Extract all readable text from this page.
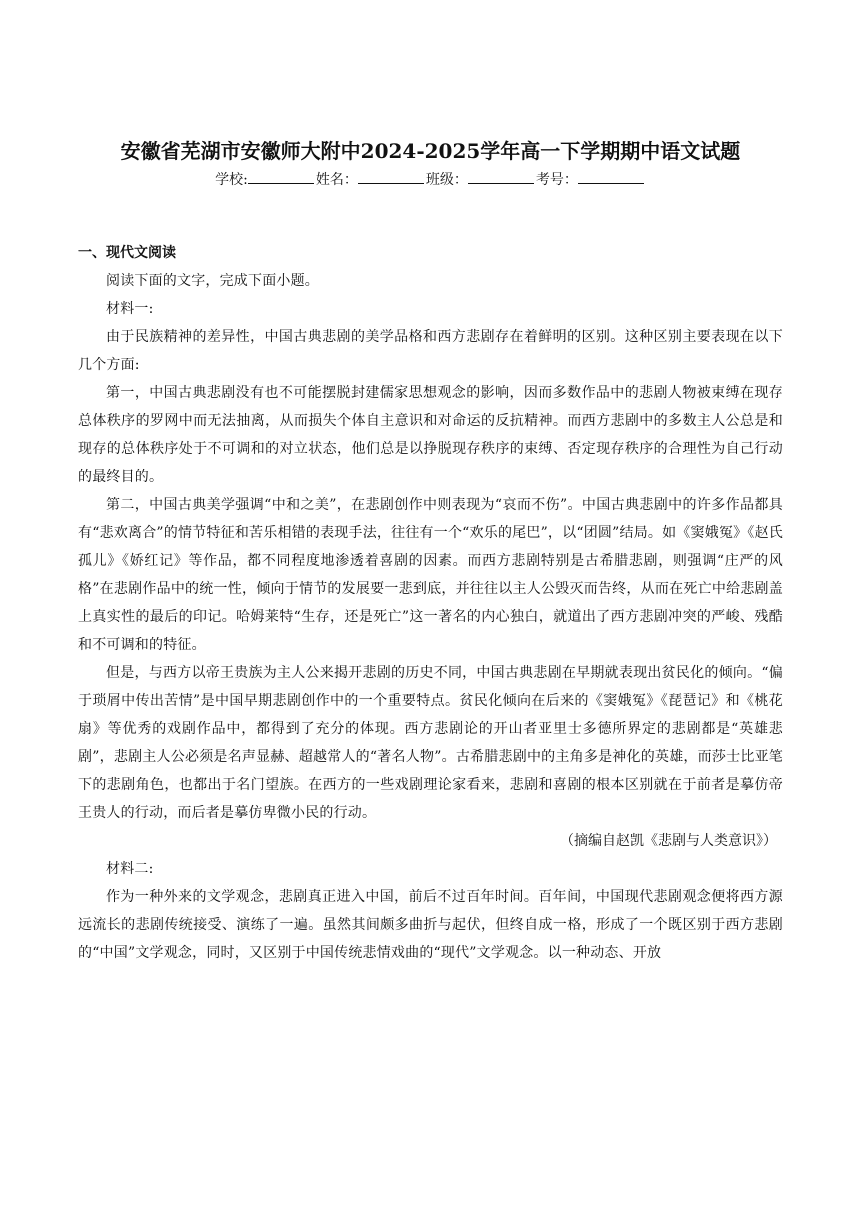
安徽省芜湖市安徽师大附中2024-2025学年高一下学期期中语文试题
学校:	姓名：	班级：	考号：
一、现代文阅读

阅读下面的文字，完成下面小题。

材料一:

由于民族精神的差异性，中国古典悲剧的美学品格和西方悲剧存在着鲜明的区别。这种区别主要表现在以下几个方面:

第一，中国古典悲剧没有也不可能摆脱封建儒家思想观念的影响，因而多数作品中的悲剧人物被束缚在现存总体秩序的罗网中而无法抽离，从而损失个体自主意识和对命运的反抗精神。而西方悲剧中的多数主人公总是和现存的总体秩序处于不可调和的对立状态，他们总是以挣脱现存秩序的束缚、否定现存秩序的合理性为自己行动的最终目的。

第二，中国古典美学强调“中和之美”，在悲剧创作中则表现为“哀而不伤”。中国古典悲剧中的许多作品都具有“悲欢离合”的情节特征和苦乐相错的表现手法，往往有一个“欢乐的尾巴”，以“团圆”结局。如《窦娥冤》《赵氏孤儿》《娇红记》等作品，都不同程度地渗透着喜剧的因素。而西方悲剧特别是古希腊悲剧，则强调“庄严的风格”在悲剧作品中的统一性，倾向于情节的发展要一悲到底，并往往以主人公毁灭而告终，从而在死亡中给悲剧盖上真实性的最后的印记。哈姆莱特“生存，还是死亡”这一著名的内心独白，就道出了西方悲剧冲突的严峻、残酷和不可调和的特征。

但是，与西方以帝王贵族为主人公来揭开悲剧的历史不同，中国古典悲剧在早期就表现出贫民化的倾向。“偏于琐屑中传出苦情”是中国早期悲剧创作中的一个重要特点。贫民化倾向在后来的《窦娥冤》《琵琶记》和《桃花扇》等优秀的戏剧作品中，都得到了充分的体现。西方悲剧论的开山者亚里士多德所界定的悲剧都是“英雄悲剧”，悲剧主人公必须是名声显赫、超越常人的“著名人物”。古希腊悲剧中的主角多是神化的英雄，而莎士比亚笔下的悲剧角色，也都出于名门望族。在西方的一些戏剧理论家看来，悲剧和喜剧的根本区别就在于前者是摹仿帝王贵人的行动，而后者是摹仿卑微小民的行动。

（摘编自赵凯《悲剧与人类意识》）

材料二:

作为一种外来的文学观念，悲剧真正进入中国，前后不过百年时间。百年间，中国现代悲剧观念便将西方源远流长的悲剧传统接受、演练了一遍。虽然其间颇多曲折与起伏，但终自成一格，形成了一个既区别于西方悲剧的“中国”文学观念，同时，又区别于中国传统悲情戏曲的“现代”文学观念。以一种动态、开放
